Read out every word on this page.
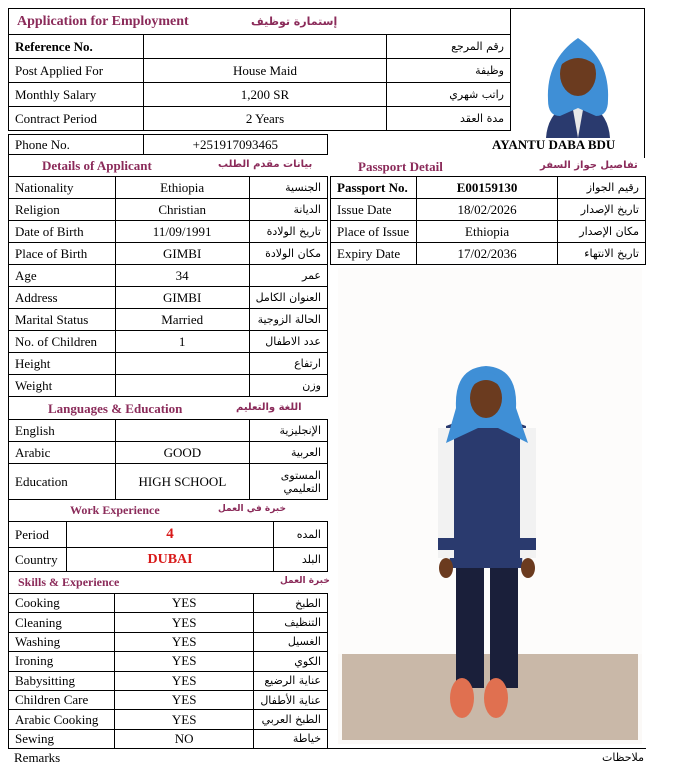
Application for Employment	إستمارة توظيف
Reference No.		رقم المرجع
Post Applied For	House Maid	وظيفة
Monthly Salary	1,200 SR	راتب شهري
Contract Period	2 Years	مدة العقد
Phone No.	+251917093465	AYANTU DABA BDU
Details of Applicant	بيانات مقدم الطلب	Passport Detail	تفاصيل جواز السفر
Nationality	Ethiopia	الجنسية
Religion	Christian	الديانة
Date of Birth	11/09/1991	تاريخ الولادة
Place of Birth	GIMBI	مكان الولادة
Age	34	عمر
Address	GIMBI	العنوان الكامل
Marital Status	Married	الحالة الزوجية
No. of Children	1	عدد الاطفال
Height		ارتفاع
Weight		وزن
Passport No.	E00159130	رقيم الجواز
Issue Date	18/02/2026	تاريخ الإصدار
Place of Issue	Ethiopia	مكان الإصدار
Expiry Date	17/02/2036	تاريخ الانتهاء
Languages & Education	اللغة والتعليم
English		الإنجليزية
Arabic	GOOD	العربية
Education	HIGH SCHOOL	المستوى التعليمي
Work Experience	خبرة في العمل
Period	4	المده
Country	DUBAI	البلد
Skills & Experience	خبرة العمل
Cooking	YES	الطبخ
Cleaning	YES	التنظيف
Washing	YES	الغسيل
Ironing	YES	الكوي
Babysitting	YES	عناية الرضيع
Children Care	YES	عناية الأطفال
Arabic Cooking	YES	الطبخ العربي
Sewing	NO	خياطة
Remarks	ملاحظات
